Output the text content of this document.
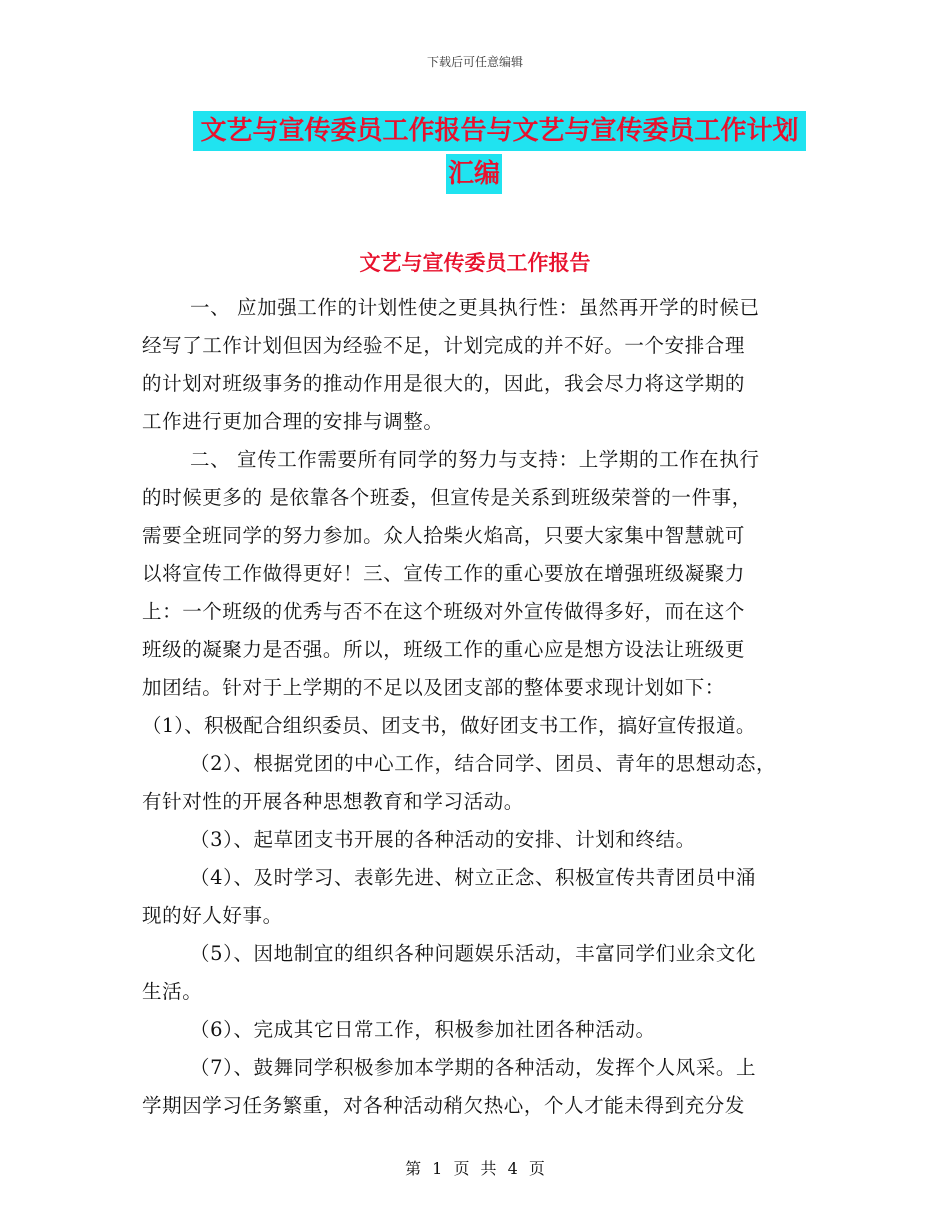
下载后可任意编辑
文艺与宣传委员工作报告与文艺与宣传委员工作计划
汇编
文艺与宣传委员工作报告
一、 应加强工作的计划性使之更具执行性：虽然再开学的时候已
经写了工作计划但因为经验不足，计划完成的并不好。一个安排合理
的计划对班级事务的推动作用是很大的，因此，我会尽力将这学期的
工作进行更加合理的安排与调整。
二、 宣传工作需要所有同学的努力与支持：上学期的工作在执行
的时候更多的 是依靠各个班委，但宣传是关系到班级荣誉的一件事，
需要全班同学的努力参加。众人拾柴火焰高，只要大家集中智慧就可
以将宣传工作做得更好！三、宣传工作的重心要放在增强班级凝聚力
上：一个班级的优秀与否不在这个班级对外宣传做得多好，而在这个
班级的凝聚力是否强。所以，班级工作的重心应是想方设法让班级更
加团结。针对于上学期的不足以及团支部的整体要求现计划如下：
（1）、积极配合组织委员、团支书，做好团支书工作，搞好宣传报道。
（2）、根据党团的中心工作，结合同学、团员、青年的思想动态，
有针对性的开展各种思想教育和学习活动。
（3）、起草团支书开展的各种活动的安排、计划和终结。
（4）、及时学习、表彰先进、树立正念、积极宣传共青团员中涌
现的好人好事。
（5）、因地制宜的组织各种问题娱乐活动，丰富同学们业余文化
生活。
（6）、完成其它日常工作，积极参加社团各种活动。
（7）、鼓舞同学积极参加本学期的各种活动，发挥个人风采。上
学期因学习任务繁重，对各种活动稍欠热心，个人才能未得到充分发
第 1 页 共 4 页
